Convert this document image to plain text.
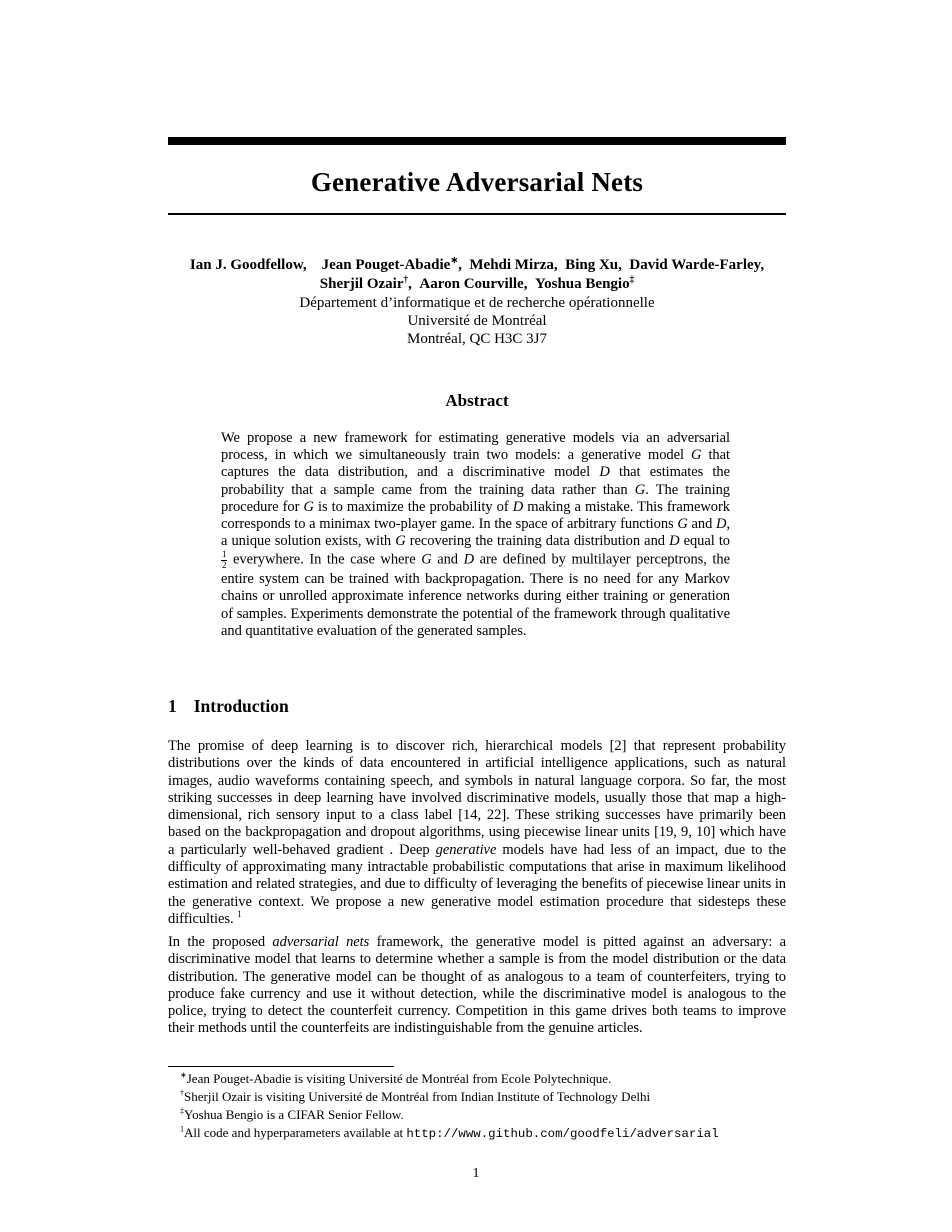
Generative Adversarial Nets
Ian J. Goodfellow,  Jean Pouget-Abadie∗, Mehdi Mirza, Bing Xu, David Warde-Farley,
Sherjil Ozair†, Aaron Courville, Yoshua Bengio‡
Département d’informatique et de recherche opérationnelle
Université de Montréal
Montréal, QC H3C 3J7
Abstract

We propose a new framework for estimating generative models via an adversarial process, in which we simultaneously train two models: a generative model G that captures the data distribution, and a discriminative model D that estimates the probability that a sample came from the training data rather than G. The training procedure for G is to maximize the probability of D making a mistake. This framework corresponds to a minimax two-player game. In the space of arbitrary functions G and D, a unique solution exists, with G recovering the training data distribution and D equal to
$\frac{1}{2}$ everywhere. In the case where G and D are defined by multilayer perceptrons, the entire system can be trained with backpropagation. There is no need for any Markov chains or unrolled approximate inference networks during either training or generation of samples. Experiments demonstrate the potential of the framework through qualitative and quantitative evaluation of the generated samples.

1 Introduction

The promise of deep learning is to discover rich, hierarchical models [2] that represent probability distributions over the kinds of data encountered in artificial intelligence applications, such as natural images, audio waveforms containing speech, and symbols in natural language corpora. So far, the most striking successes in deep learning have involved discriminative models, usually those that map a high-dimensional, rich sensory input to a class label [14, 22]. These striking successes have primarily been based on the backpropagation and dropout algorithms, using piecewise linear units [19, 9, 10] which have a particularly well-behaved gradient . Deep generative models have had less of an impact, due to the difficulty of approximating many intractable probabilistic computations that arise in maximum likelihood estimation and related strategies, and due to difficulty of leveraging the benefits of piecewise linear units in the generative context. We propose a new generative model estimation procedure that sidesteps these difficulties. $^1$

In the proposed adversarial nets framework, the generative model is pitted against an adversary: a discriminative model that learns to determine whether a sample is from the model distribution or the data distribution. The generative model can be thought of as analogous to a team of counterfeiters, trying to produce fake currency and use it without detection, while the discriminative model is analogous to the police, trying to detect the counterfeit currency. Competition in this game drives both teams to improve their methods until the counterfeits are indistinguishable from the genuine articles.

∗Jean Pouget-Abadie is visiting Université de Montréal from Ecole Polytechnique.
†Sherjil Ozair is visiting Université de Montréal from Indian Institute of Technology Delhi
‡Yoshua Bengio is a CIFAR Senior Fellow.
$^1$All code and hyperparameters available at http://www.github.com/goodfeli/adversarial
1
